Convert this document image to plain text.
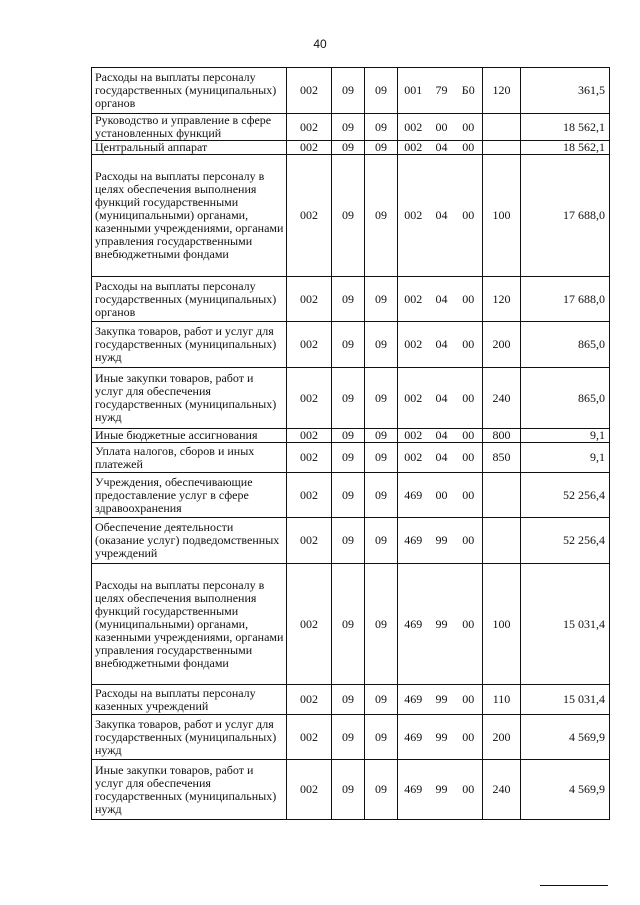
40
Расходы на выплаты персоналу государственных (муниципальных) органов	002	09	09	001	79	Б0	120	361,5
Руководство и управление в сфере установленных функций	002	09	09	002	00	00		18 562,1
Центральный аппарат	002	09	09	002	04	00		18 562,1
Расходы на выплаты персоналу в целях обеспечения выполнения функций государственными (муниципальными) органами, казенными учреждениями, органами управления государственными внебюджетными фондами	002	09	09	002	04	00	100	17 688,0
Расходы на выплаты персоналу государственных (муниципальных) органов	002	09	09	002	04	00	120	17 688,0
Закупка товаров, работ и услуг для государственных (муниципальных) нужд	002	09	09	002	04	00	200	865,0
Иные закупки товаров, работ и услуг для обеспечения государственных (муниципальных) нужд	002	09	09	002	04	00	240	865,0
Иные бюджетные ассигнования	002	09	09	002	04	00	800	9,1
Уплата налогов, сборов и иных платежей	002	09	09	002	04	00	850	9,1
Учреждения, обеспечивающие предоставление услуг в сфере здравоохранения	002	09	09	469	00	00		52 256,4
Обеспечение деятельности (оказание услуг) подведомственных учреждений	002	09	09	469	99	00		52 256,4
Расходы на выплаты персоналу в целях обеспечения выполнения функций государственными (муниципальными) органами, казенными учреждениями, органами управления государственными внебюджетными фондами	002	09	09	469	99	00	100	15 031,4
Расходы на выплаты персоналу казенных учреждений	002	09	09	469	99	00	110	15 031,4
Закупка товаров, работ и услуг для государственных (муниципальных) нужд	002	09	09	469	99	00	200	4 569,9
Иные закупки товаров, работ и услуг для обеспечения государственных (муниципальных) нужд	002	09	09	469	99	00	240	4 569,9
